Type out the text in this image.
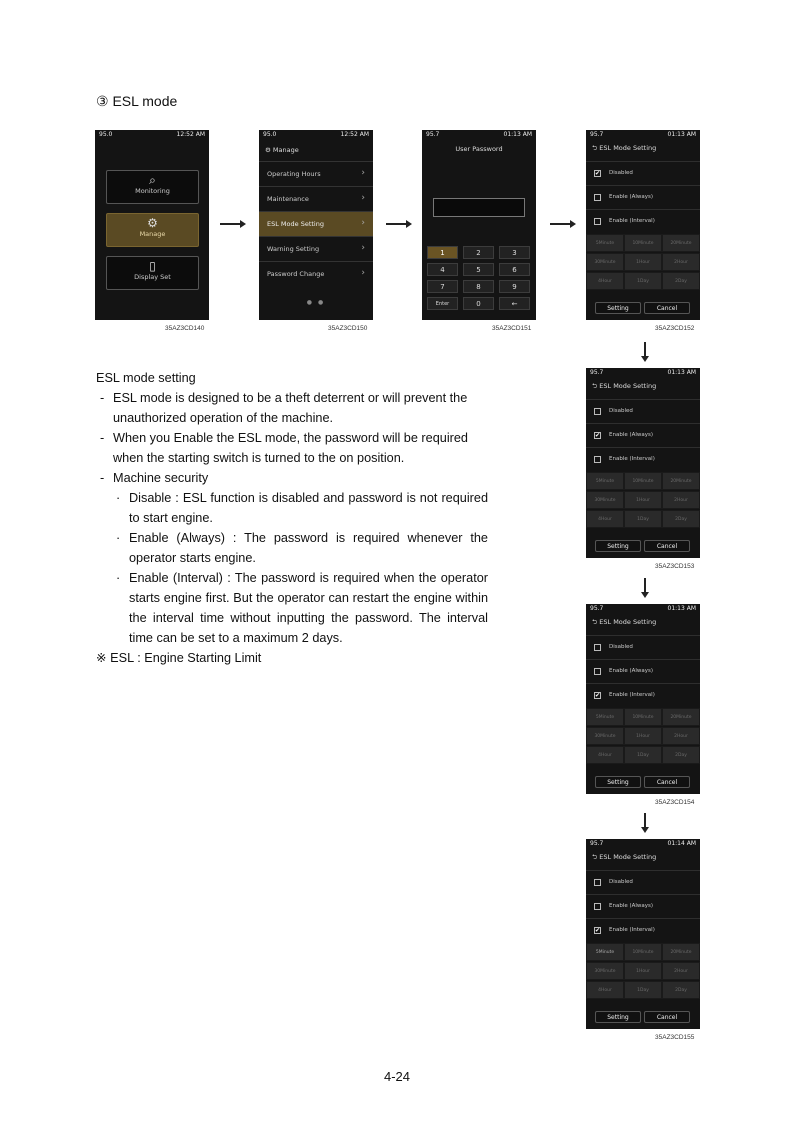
③ ESL mode
95.0	12:52 AM
⌕
Monitoring
⚙
Manage
▯
Display Set
35AZ3CD140
95.0	12:52 AM
⚙ Manage
Operating Hours	›
Maintenance	›
ESL Mode Setting	›
Warning Setting	›
Password Change	›
● ●
35AZ3CD150
95.7	01:13 AM
User Password
1	2	3
4	5	6
7	8	9
Enter	0	←
35AZ3CD151
95.7	01:13 AM
⮌ ESL Mode Setting
✔ Disabled
Enable (Always)
Enable (Interval)
5Minute	10Minute	20Minute
30Minute	1Hour	2Hour
4Hour	1Day	2Day
Setting	Cancel
35AZ3CD152
95.7	01:13 AM
⮌ ESL Mode Setting
Disabled
✔ Enable (Always)
Enable (Interval)
5Minute	10Minute	20Minute
30Minute	1Hour	2Hour
4Hour	1Day	2Day
Setting	Cancel
35AZ3CD153
95.7	01:13 AM
⮌ ESL Mode Setting
Disabled
Enable (Always)
✔ Enable (Interval)
5Minute	10Minute	20Minute
30Minute	1Hour	2Hour
4Hour	1Day	2Day
Setting	Cancel
35AZ3CD154
95.7	01:14 AM
⮌ ESL Mode Setting
Disabled
Enable (Always)
✔ Enable (Interval)
5Minute	10Minute	20Minute
30Minute	1Hour	2Hour
4Hour	1Day	2Day
Setting	Cancel
35AZ3CD155

ESL mode setting

- ESL mode is designed to be a theft deterrent or will prevent the unauthorized operation of the machine.

- When you Enable the ESL mode, the password will be required when the starting switch is turned to the on position.

- Machine security

· Disable : ESL function is disabled and password is not required to start engine.

· Enable (Always) : The password is required whenever the operator starts engine.

· Enable (Interval) : The password is required when the operator starts engine first. But the operator can restart the engine within the interval time without inputting the password. The interval time can be set to a maximum 2 days.

※ ESL : Engine Starting Limit

4-24
